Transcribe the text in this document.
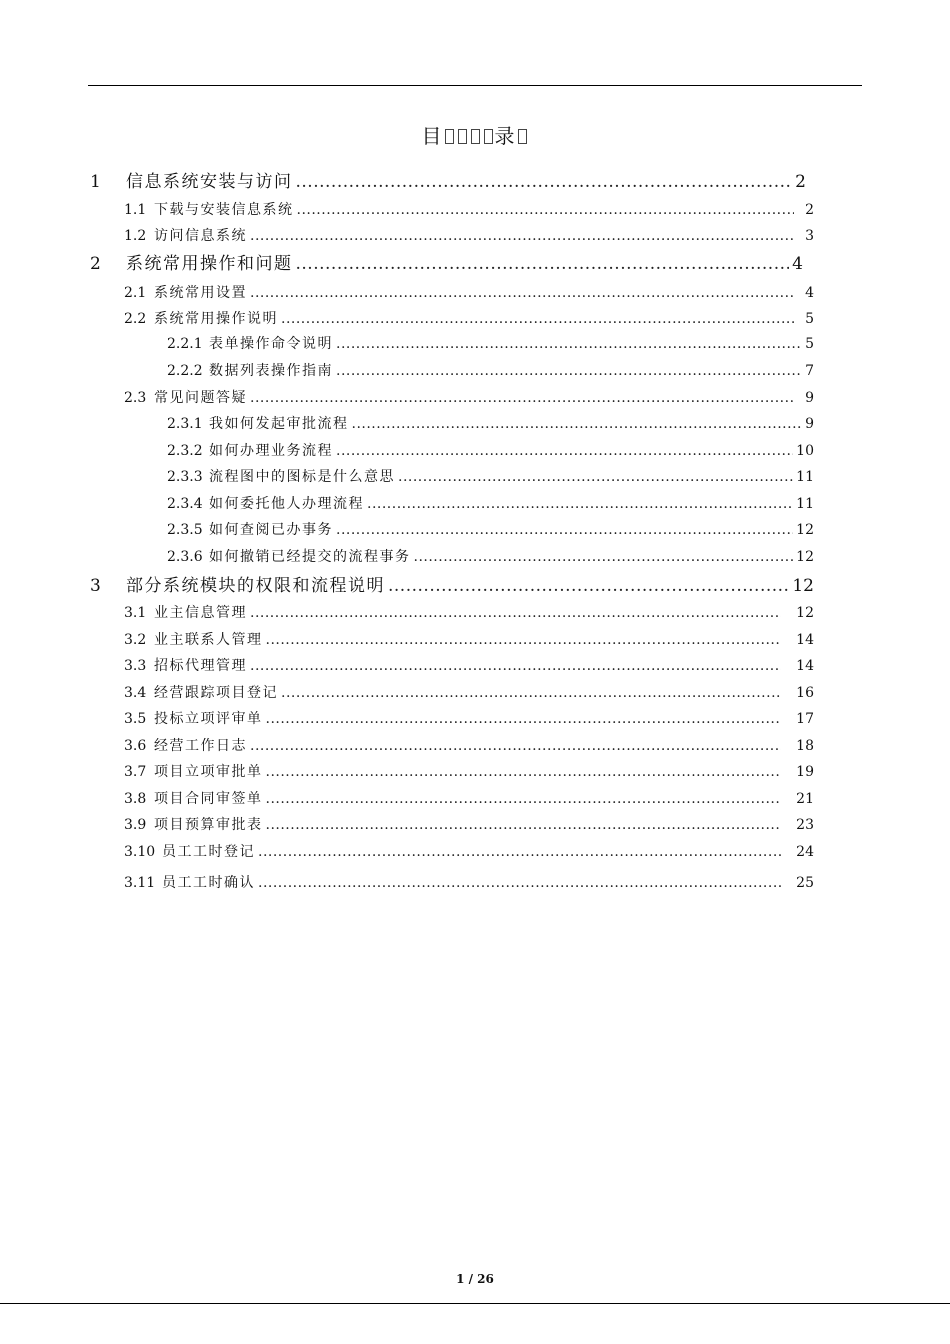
目	录
1	信息系统安装与访问 .....	2
1.1 下载与安装信息系统 .....	2
1.2 访问信息系统 .....	3
2	系统常用操作和问题 .....	4
2.1 系统常用设置 .....	4
2.2 系统常用操作说明 .....	5
2.2.1 表单操作命令说明 .....	5
2.2.2 数据列表操作指南 .....	7
2.3 常见问题答疑 .....	9
2.3.1 我如何发起审批流程 .....	9
2.3.2 如何办理业务流程 .....	10
2.3.3 流程图中的图标是什么意思 .....	11
2.3.4 如何委托他人办理流程 .....	11
2.3.5 如何查阅已办事务 .....	12
2.3.6 如何撤销已经提交的流程事务 .....	12
3	部分系统模块的权限和流程说明 .....	12
3.1 业主信息管理 .....	12
3.2 业主联系人管理 .....	14
3.3 招标代理管理 .....	14
3.4 经营跟踪项目登记 .....	16
3.5 投标立项评审单 .....	17
3.6 经营工作日志 .....	18
3.7 项目立项审批单 .....	19
3.8 项目合同审签单 .....	21
3.9 项目预算审批表 .....	23
3.10 员工工时登记 .....	24
3.11 员工工时确认 .....	25
1 / 26
